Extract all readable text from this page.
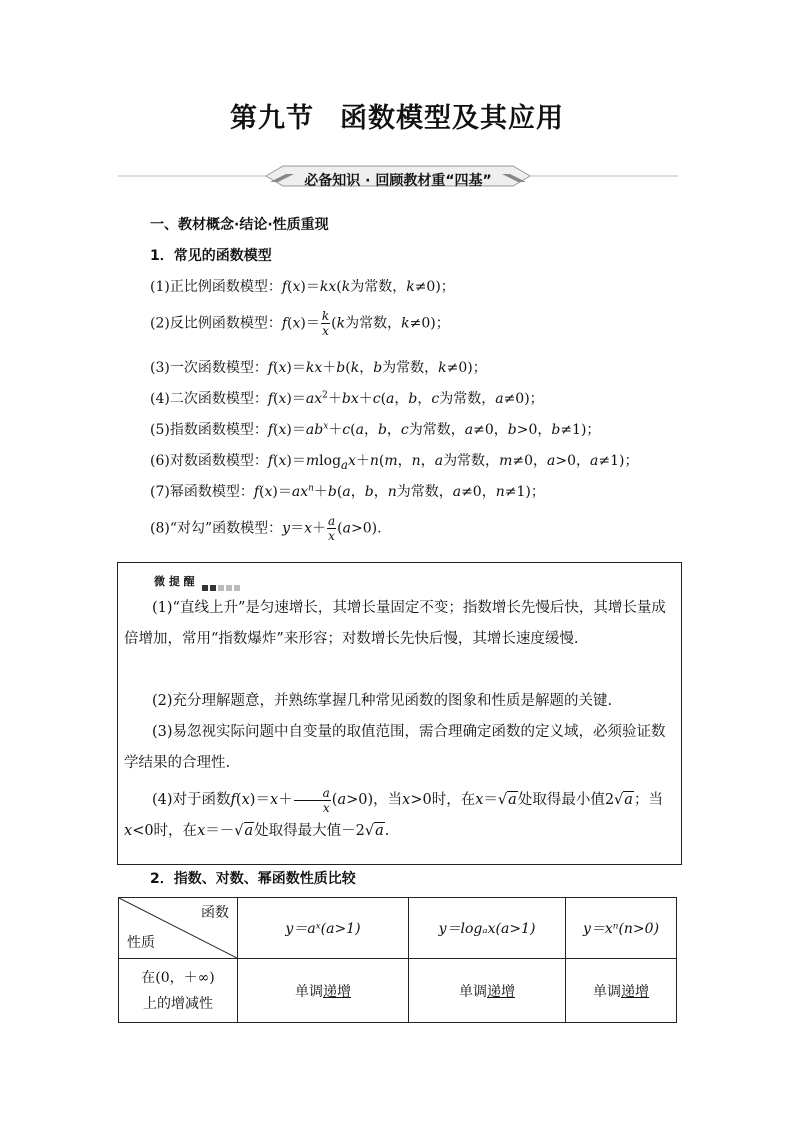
第九节 函数模型及其应用
必备知识 · 回顾教材重“四基”
一、教材概念·结论·性质重现
1．常见的函数模型
(1)正比例函数模型：f(x)＝kx(k为常数，k≠0)；
(2)反比例函数模型：$f(x)= \frac{k}{x} (k$为常数，k≠0)；
(3)一次函数模型：f(x)＝kx＋b(k，b为常数，k≠0)；
(4)二次函数模型：$f(x)=ax^2+bx+c(a$，b，c为常数，a≠0)；
(5)指数函数模型：$f(x)=ab^x+c(a$，b，c为常数，a≠0，b>0，b≠1)；
(6)对数函数模型：f(x)＝mlog$_a$x＋n(m，n，a为常数，m≠0，a>0，a≠1)；
(7)幂函数模型：$f(x)=ax^n+b(a$，b，n为常数，a≠0，n≠1)；
(8)“对勾”函数模型：$y=x+ \frac{a}{x} (a>0)$.
微 提 醒
(1)“直线上升”是匀速增长，其增长量固定不变；指数增长先慢后快，其增长量成倍增加，常用“指数爆炸”来形容；对数增长先快后慢，其增长速度缓慢.
(2)充分理解题意，并熟练掌握几种常见函数的图象和性质是解题的关键.
(3)易忽视实际问题中自变量的取值范围，需合理确定函数的定义域，必须验证数学结果的合理性.
(4)对于函数$f(x)=x+ \frac{a}{x} (a>0)$，当x>0时，在x＝√a处取得最小值2√a；当x<0时，在x＝－√a处取得最大值－2√a.
2．指数、对数、幂函数性质比较
函数
性质	y＝aˣ(a>1)	y＝logₐx(a>1)	y＝xⁿ(n>0)
在(0，＋∞)
上的增减性	单调递增	单调递增	单调递增
